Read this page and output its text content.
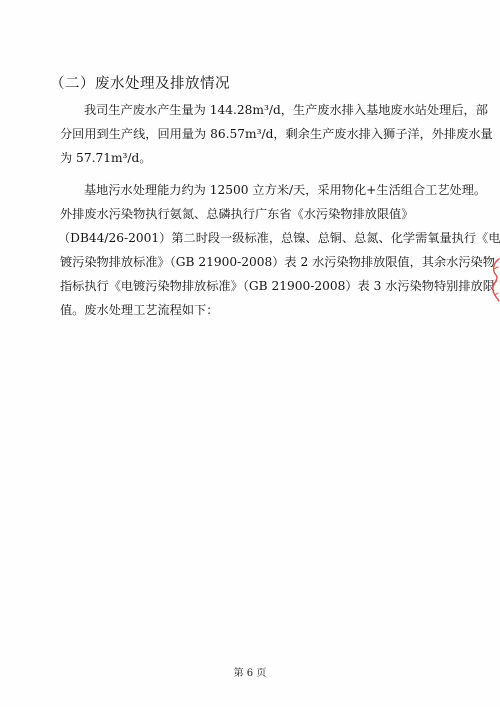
（二）废水处理及排放情况
我司生产废水产生量为 144.28m³/d，生产废水排入基地废水站处理后，部
分回用到生产线，回用量为 86.57m³/d，剩余生产废水排入狮子洋，外排废水量
为 57.71m³/d。
基地污水处理能力约为 12500 立方米/天，采用物化+生活组合工艺处理。
外排废水污染物执行氨氮、总磷执行广东省《水污染物排放限值》
（DB44/26-2001）第二时段一级标准，总镍、总铜、总氮、化学需氧量执行《电
镀污染物排放标准》（GB 21900-2008）表 2 水污染物排放限值，其余水污染物
指标执行《电镀污染物排放标准》（GB 21900-2008）表 3 水污染物特别排放限
值。废水处理工艺流程如下：
第 6 页
